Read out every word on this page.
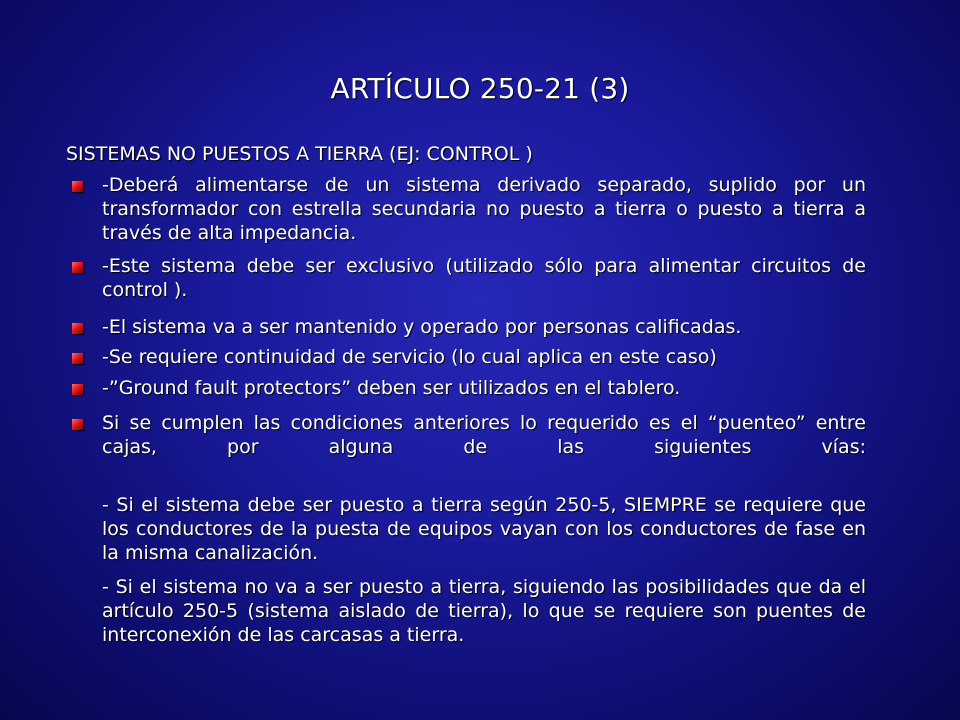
ARTÍCULO 250-21 (3)
SISTEMAS NO PUESTOS A TIERRA (EJ: CONTROL )
-Deberá alimentarse de un sistema derivado separado, suplido por un transformador con estrella secundaria no puesto a tierra o puesto a tierra a través de alta impedancia.
-Este sistema debe ser exclusivo (utilizado sólo para alimentar circuitos de control ).
-El sistema va a ser mantenido y operado por personas calificadas.
-Se requiere continuidad de servicio (lo cual aplica en este caso)
-”Ground fault protectors” deben ser utilizados en el tablero.
Si se cumplen las condiciones anteriores lo requerido es el “puenteo” entre cajas, por alguna de las siguientes vías:
- Si el sistema debe ser puesto a tierra según 250-5, SIEMPRE se requiere que los conductores de la puesta de equipos vayan con los conductores de fase en la misma canalización.
- Si el sistema no va a ser puesto a tierra, siguiendo las posibilidades que da el artículo 250-5 (sistema aislado de tierra), lo que se requiere son puentes de interconexión de las carcasas a tierra.
